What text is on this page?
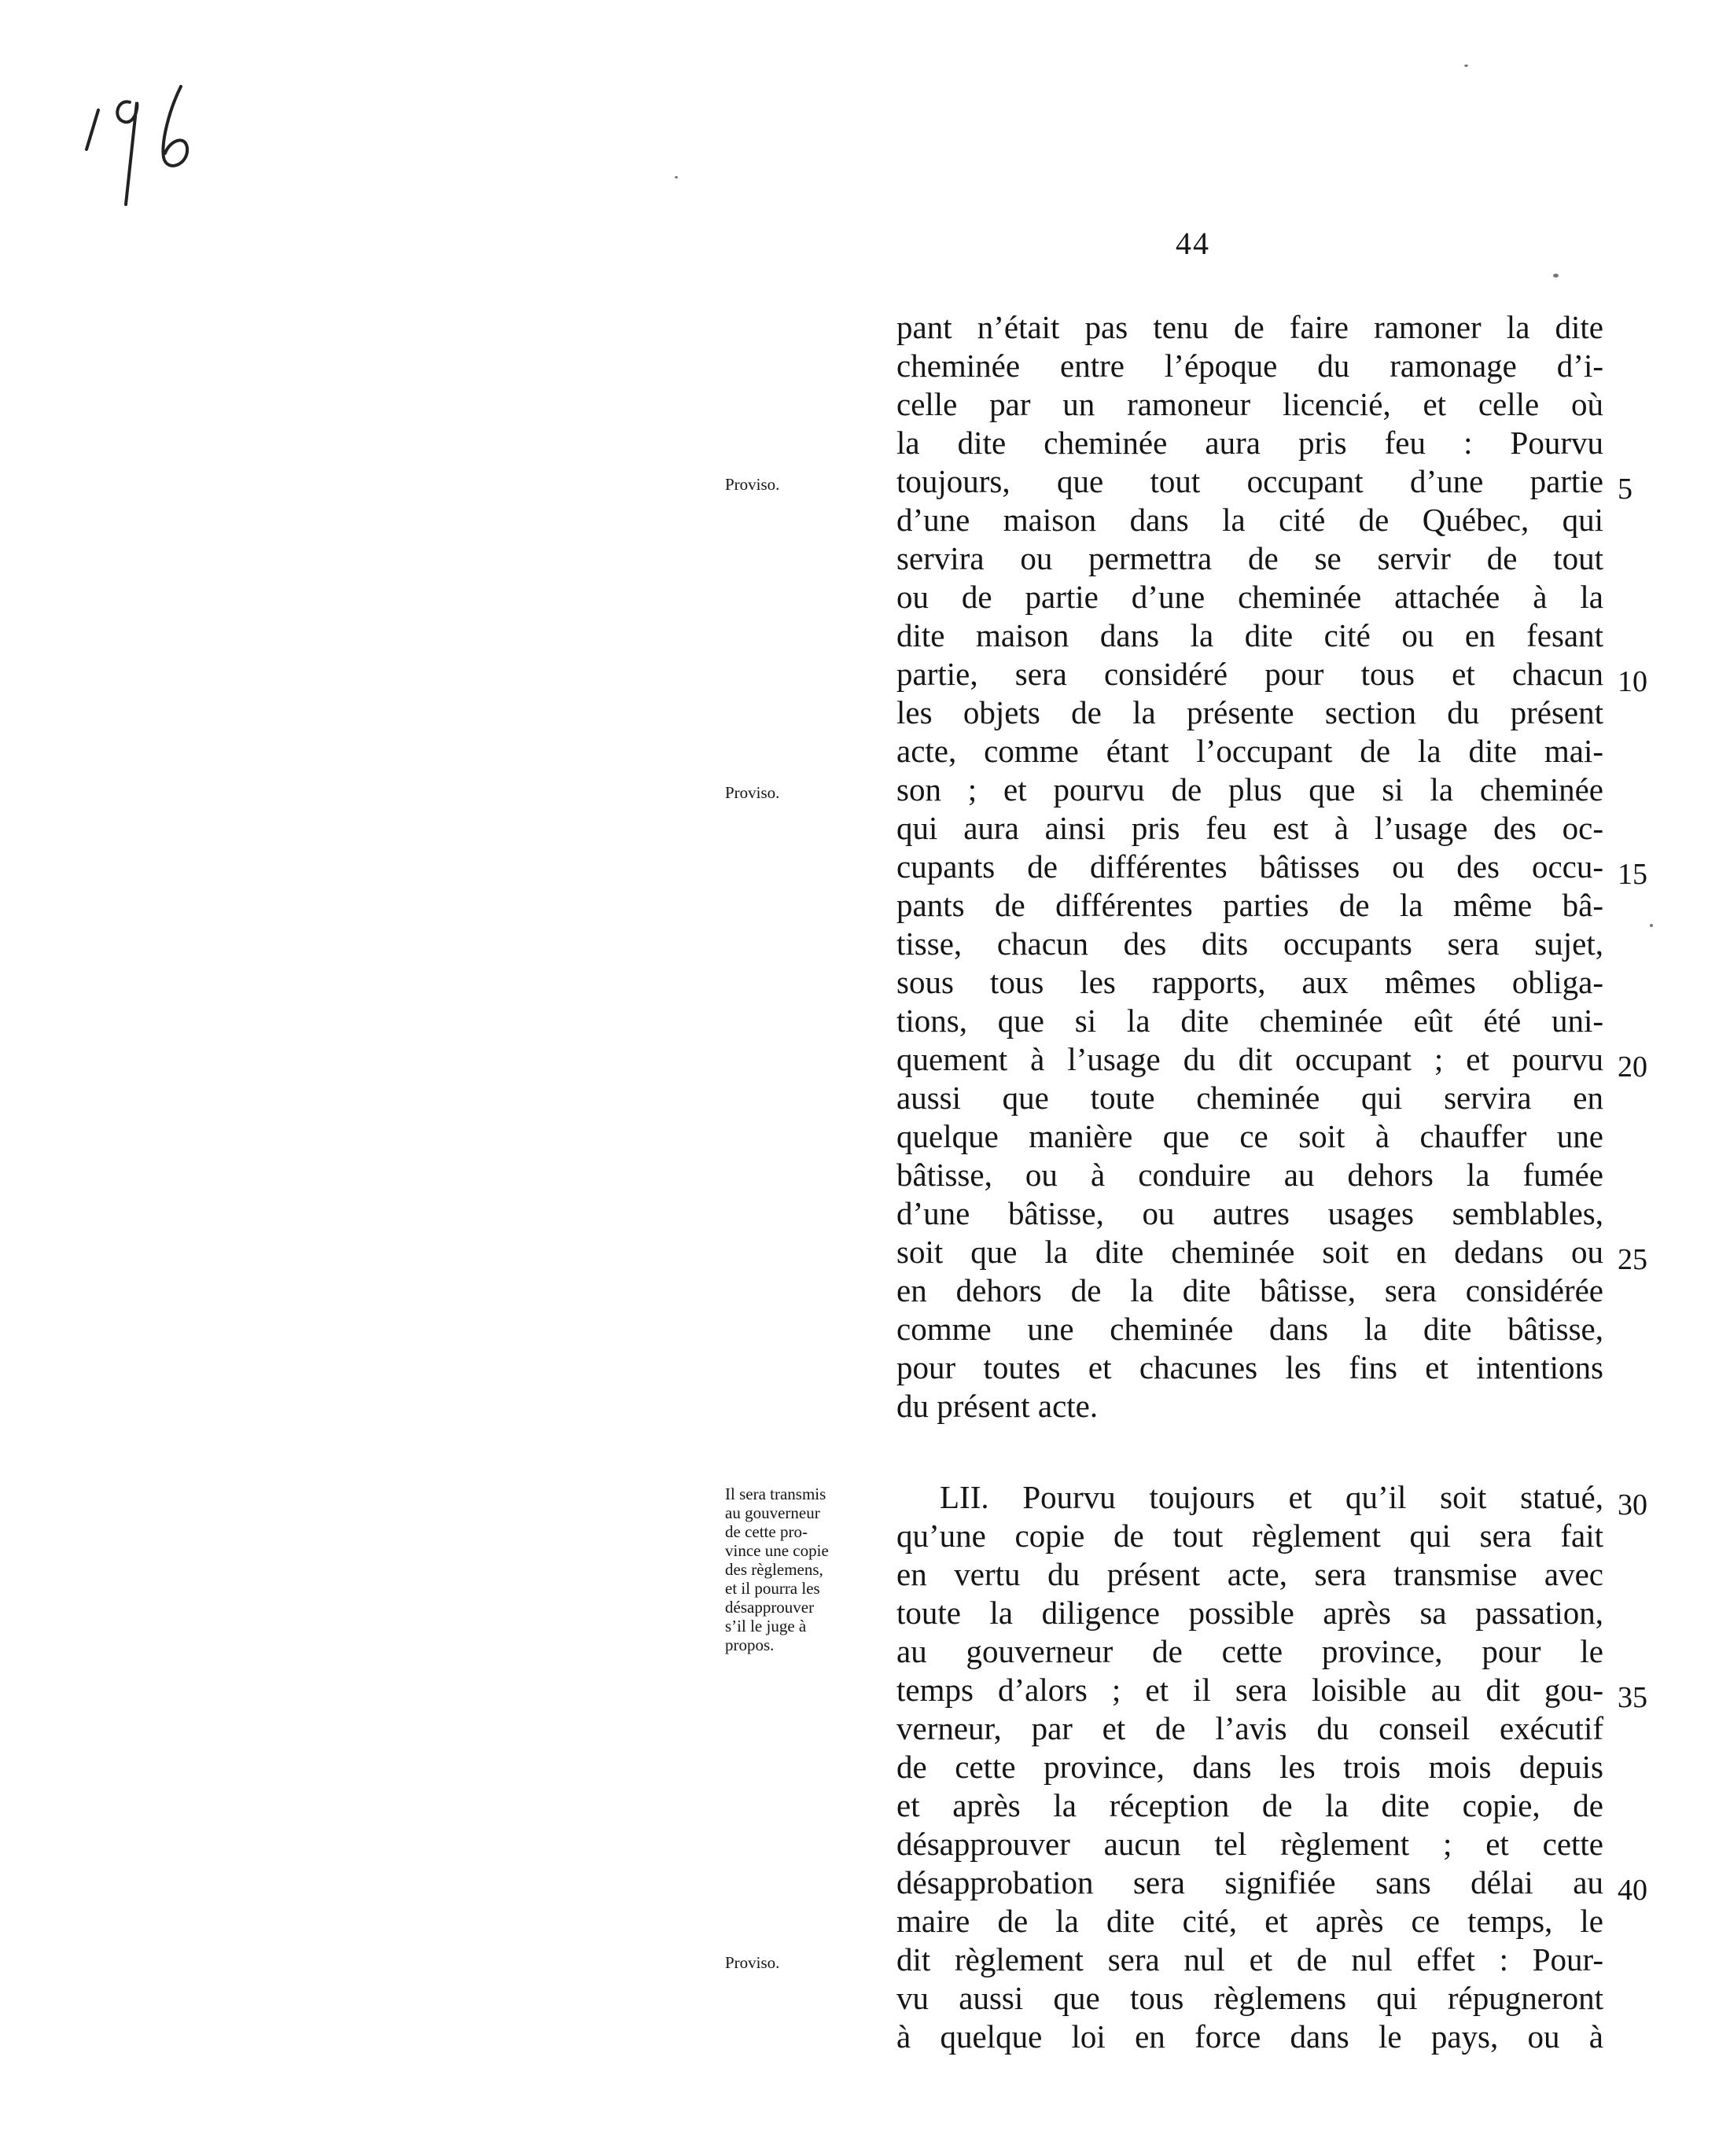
44
pant n’était pas tenu de faire ramoner la dite
cheminée entre l’époque du ramonage d’i-
celle par un ramoneur licencié, et celle où
la dite cheminée aura pris feu : Pourvu
toujours, que tout occupant d’une partie
d’une maison dans la cité de Québec, qui
servira ou permettra de se servir de tout
ou de partie d’une cheminée attachée à la
dite maison dans la dite cité ou en fesant
partie, sera considéré pour tous et chacun
les objets de la présente section du présent
acte, comme étant l’occupant de la dite mai-
son ; et pourvu de plus que si la cheminée
qui aura ainsi pris feu est à l’usage des oc-
cupants de différentes bâtisses ou des occu-
pants de différentes parties de la même bâ-
tisse, chacun des dits occupants sera sujet,
sous tous les rapports, aux mêmes obliga-
tions, que si la dite cheminée eût été uni-
quement à l’usage du dit occupant ; et pourvu
aussi que toute cheminée qui servira en
quelque manière que ce soit à chauffer une
bâtisse, ou à conduire au dehors la fumée
d’une bâtisse, ou autres usages semblables,
soit que la dite cheminée soit en dedans ou
en dehors de la dite bâtisse, sera considérée
comme une cheminée dans la dite bâtisse,
pour toutes et chacunes les fins et intentions
du présent acte.
LII. Pourvu toujours et qu’il soit statué,
qu’une copie de tout règlement qui sera fait
en vertu du présent acte, sera transmise avec
toute la diligence possible après sa passation,
au gouverneur de cette province, pour le
temps d’alors ; et il sera loisible au dit gou-
verneur, par et de l’avis du conseil exécutif
de cette province, dans les trois mois depuis
et après la réception de la dite copie, de
désapprouver aucun tel règlement ; et cette
désapprobation sera signifiée sans délai au
maire de la dite cité, et après ce temps, le
dit règlement sera nul et de nul effet : Pour-
vu aussi que tous règlemens qui répugneront
à quelque loi en force dans le pays, ou à
5
10
15
20
25
30
35
40
Proviso.
Proviso.
Il sera transmis
au gouverneur
de cette pro-
vince une copie
des règlemens,
et il pourra les
désapprouver
s’il le juge à
propos.
Proviso.
